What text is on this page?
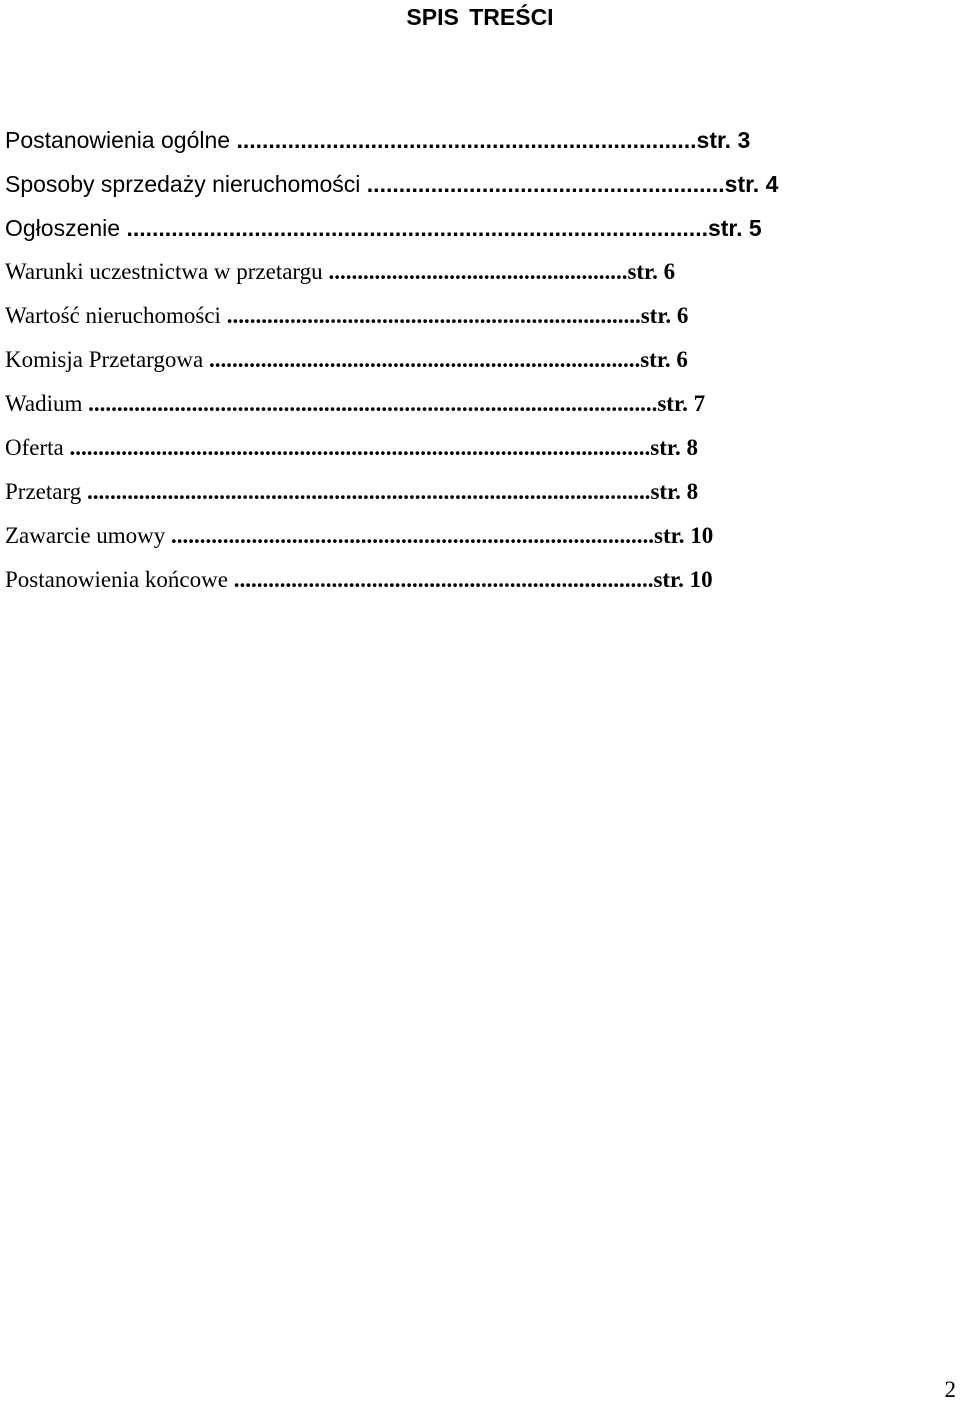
SPIS TREŚCI
Postanowienia ogólne ........................................................................str. 3
Sposoby sprzedaży nieruchomości ........................................................str. 4
Ogłoszenie ...........................................................................................str. 5
Warunki uczestnictwa w przetargu ....................................................str. 6
Wartość nieruchomości ........................................................................str. 6
Komisja Przetargowa ...........................................................................str. 6
Wadium ...................................................................................................str. 7
Oferta .....................................................................................................str. 8
Przetarg ..................................................................................................str. 8
Zawarcie umowy ....................................................................................str. 10
Postanowienia końcowe .........................................................................str. 10
2
